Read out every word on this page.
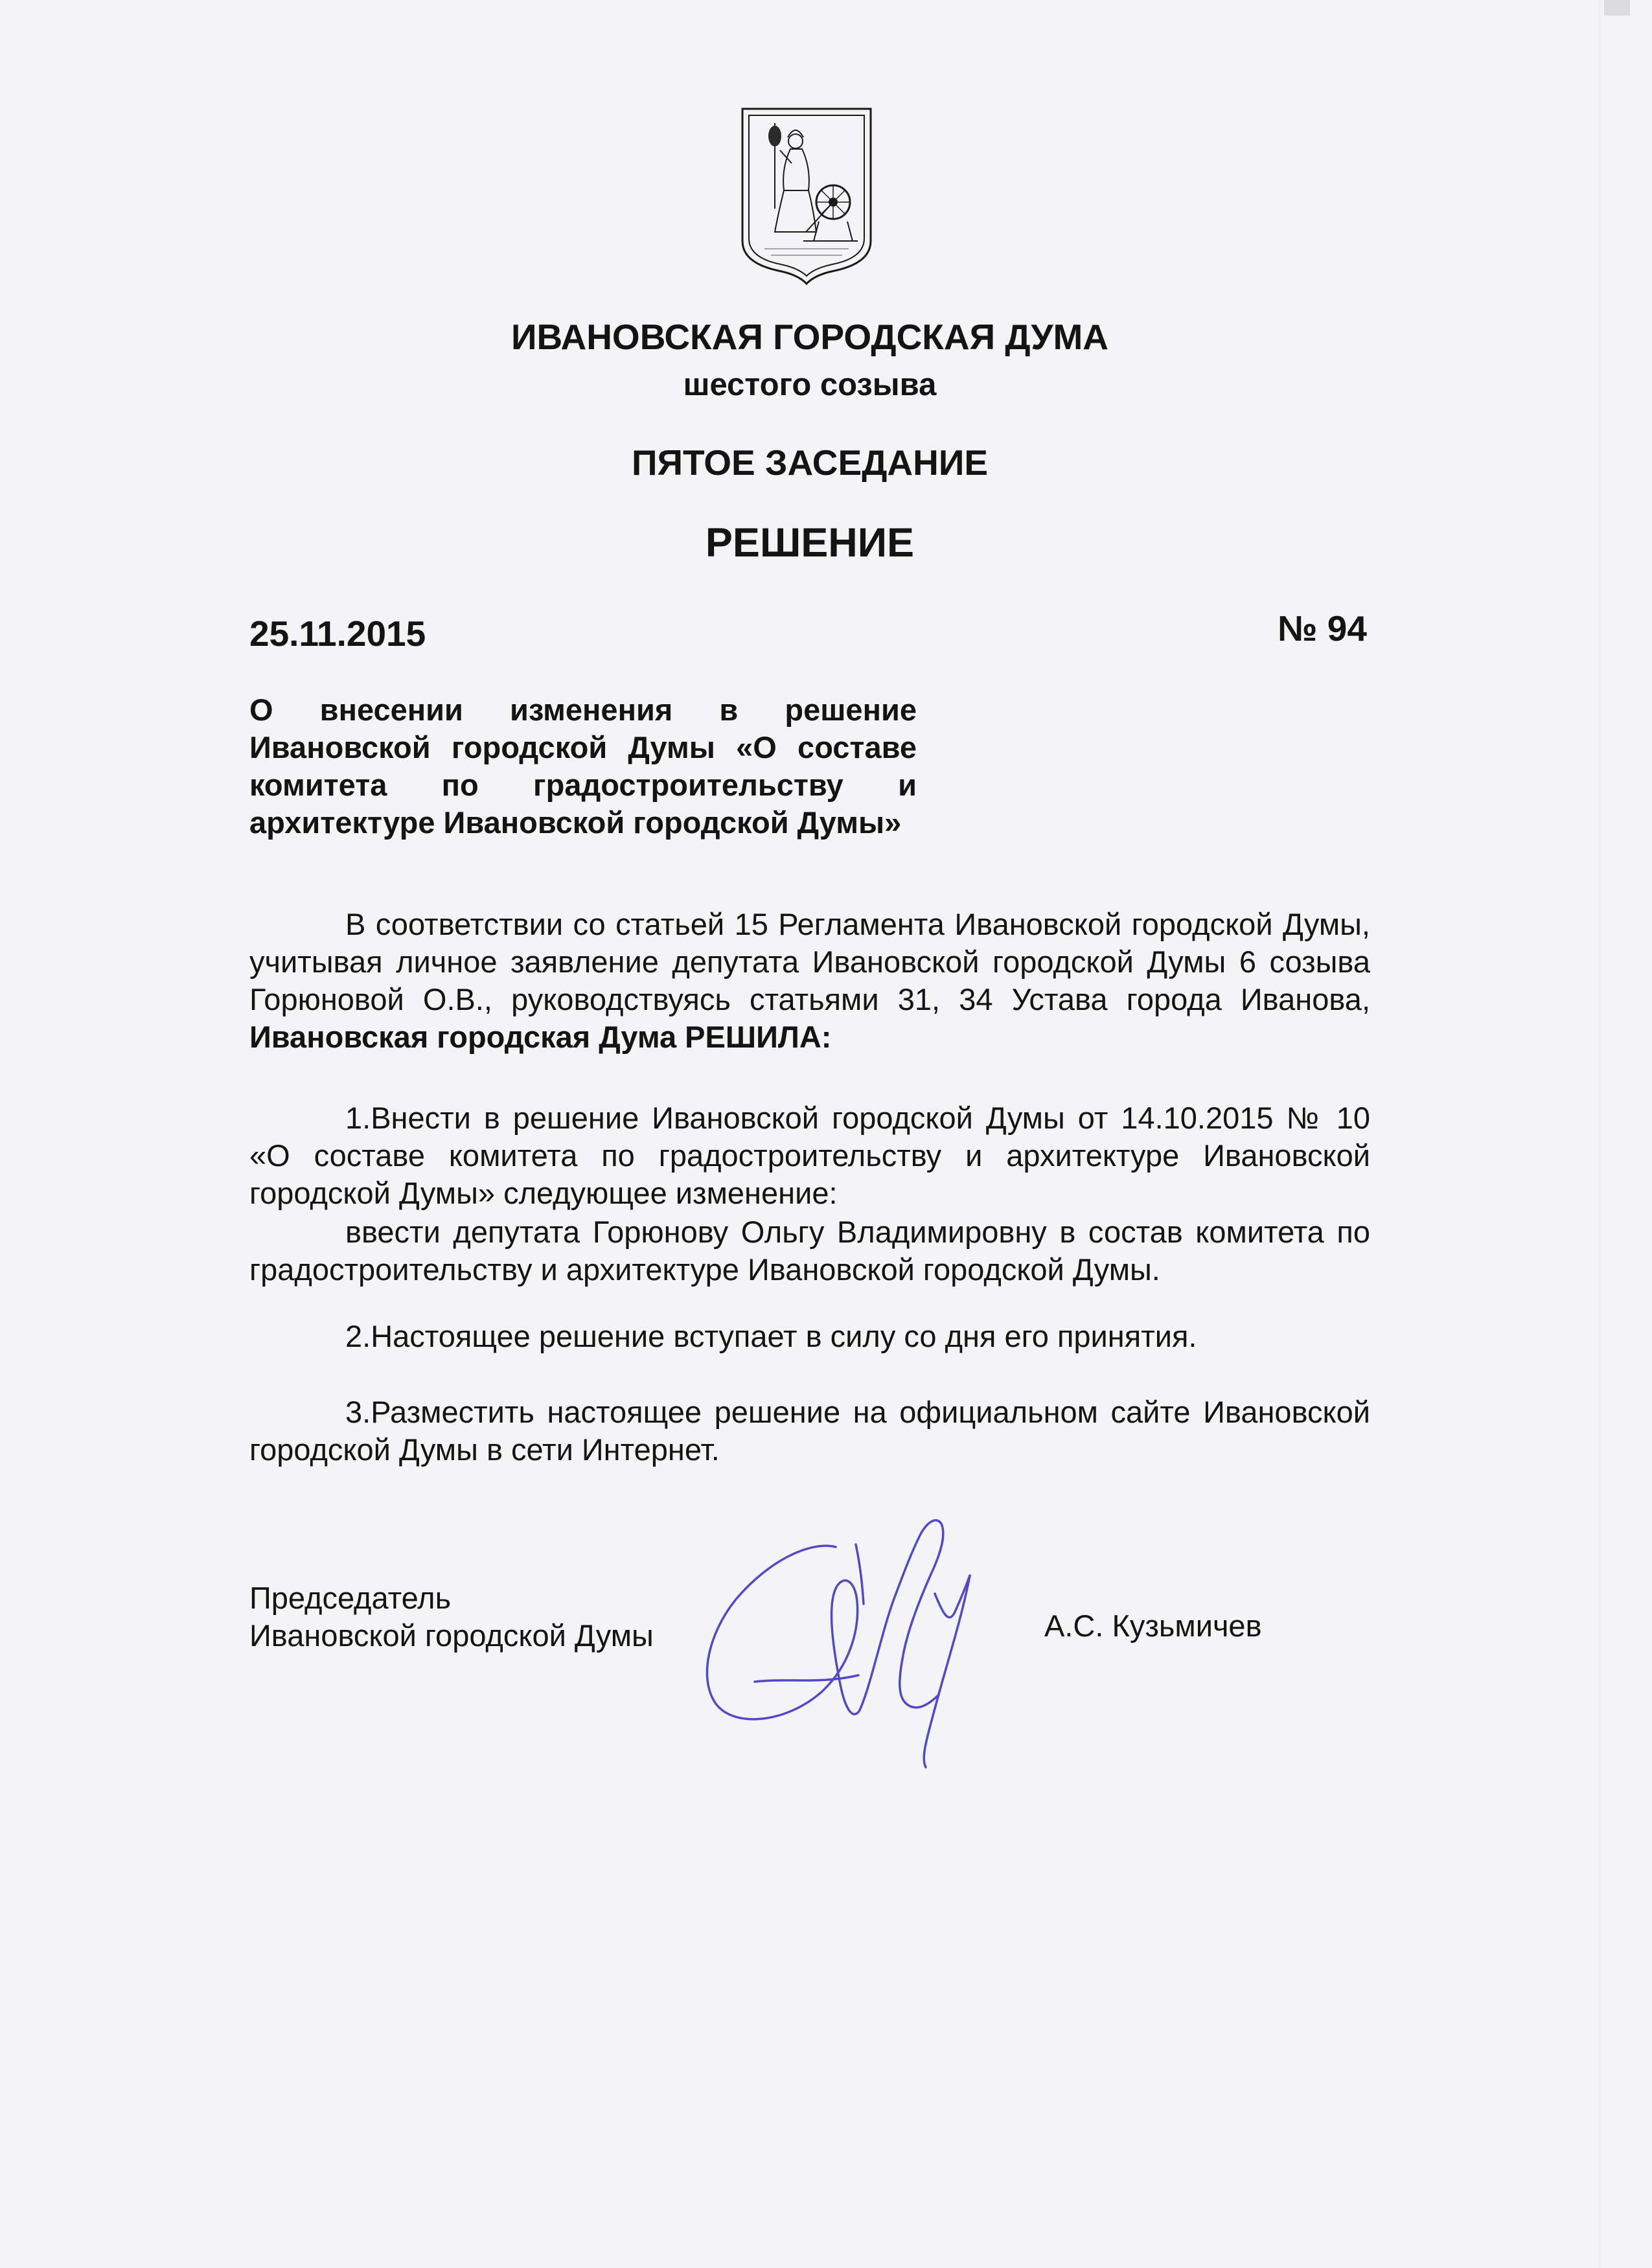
ИВАНОВСКАЯ ГОРОДСКАЯ ДУМА
шестого созыва
ПЯТОЕ ЗАСЕДАНИЕ
РЕШЕНИЕ
25.11.2015	№ 94
О внесении изменения в решение Ивановской городской Думы «О составе комитета по градостроительству и архитектуре Ивановской городской Думы»
В соответствии со статьей 15 Регламента Ивановской городской Думы, учитывая личное заявление депутата Ивановской городской Думы 6 созыва Горюновой О.В., руководствуясь статьями 31, 34 Устава города Иванова, Ивановская городская Дума РЕШИЛА:
1.Внести в решение Ивановской городской Думы от 14.10.2015 № 10 «О составе комитета по градостроительству и архитектуре Ивановской городской Думы» следующее изменение:
ввести депутата Горюнову Ольгу Владимировну в состав комитета по градостроительству и архитектуре Ивановской городской Думы.
2.Настоящее решение вступает в силу со дня его принятия.
3.Разместить настоящее решение на официальном сайте Ивановской городской Думы в сети Интернет.
Председатель
Ивановской городской Думы	А.С. Кузьмичев
